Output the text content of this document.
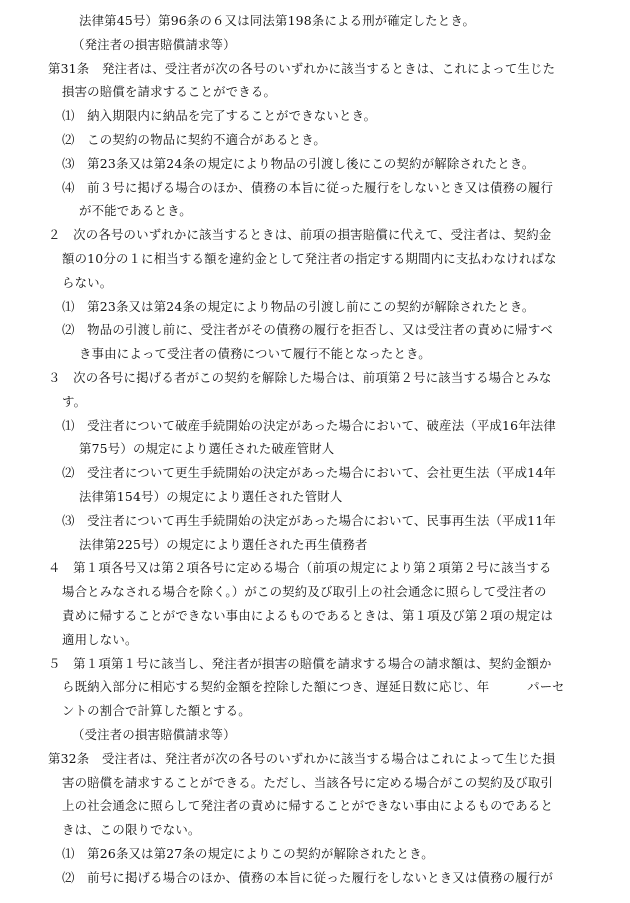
法律第45号）第96条の６又は同法第198条による刑が確定したとき。
（発注者の損害賠償請求等）
第31条　発注者は、受注者が次の各号のいずれかに該当するときは、これによって生じた
損害の賠償を請求することができる。
⑴　納入期限内に納品を完了することができないとき。
⑵　この契約の物品に契約不適合があるとき。
⑶　第23条又は第24条の規定により物品の引渡し後にこの契約が解除されたとき。
⑷　前３号に掲げる場合のほか、債務の本旨に従った履行をしないとき又は債務の履行
が不能であるとき。
２　次の各号のいずれかに該当するときは、前項の損害賠償に代えて、受注者は、契約金
額の10分の１に相当する額を違約金として発注者の指定する期間内に支払わなければな
らない。
⑴　第23条又は第24条の規定により物品の引渡し前にこの契約が解除されたとき。
⑵　物品の引渡し前に、受注者がその債務の履行を拒否し、又は受注者の責めに帰すべ
き事由によって受注者の債務について履行不能となったとき。
３　次の各号に掲げる者がこの契約を解除した場合は、前項第２号に該当する場合とみな
す。
⑴　受注者について破産手続開始の決定があった場合において、破産法（平成16年法律
第75号）の規定により選任された破産管財人
⑵　受注者について更生手続開始の決定があった場合において、会社更生法（平成14年
法律第154号）の規定により選任された管財人
⑶　受注者について再生手続開始の決定があった場合において、民事再生法（平成11年
法律第225号）の規定により選任された再生債務者
４　第１項各号又は第２項各号に定める場合（前項の規定により第２項第２号に該当する
場合とみなされる場合を除く。）がこの契約及び取引上の社会通念に照らして受注者の
責めに帰することができない事由によるものであるときは、第１項及び第２項の規定は
適用しない。
５　第１項第１号に該当し、発注者が損害の賠償を請求する場合の請求額は、契約金額か
ら既納入部分に相応する契約金額を控除した額につき、遅延日数に応じ、年　　　パーセ
ントの割合で計算した額とする。
（受注者の損害賠償請求等）
第32条　受注者は、発注者が次の各号のいずれかに該当する場合はこれによって生じた損
害の賠償を請求することができる。ただし、当該各号に定める場合がこの契約及び取引
上の社会通念に照らして発注者の責めに帰することができない事由によるものであると
きは、この限りでない。
⑴　第26条又は第27条の規定によりこの契約が解除されたとき。
⑵　前号に掲げる場合のほか、債務の本旨に従った履行をしないとき又は債務の履行が
